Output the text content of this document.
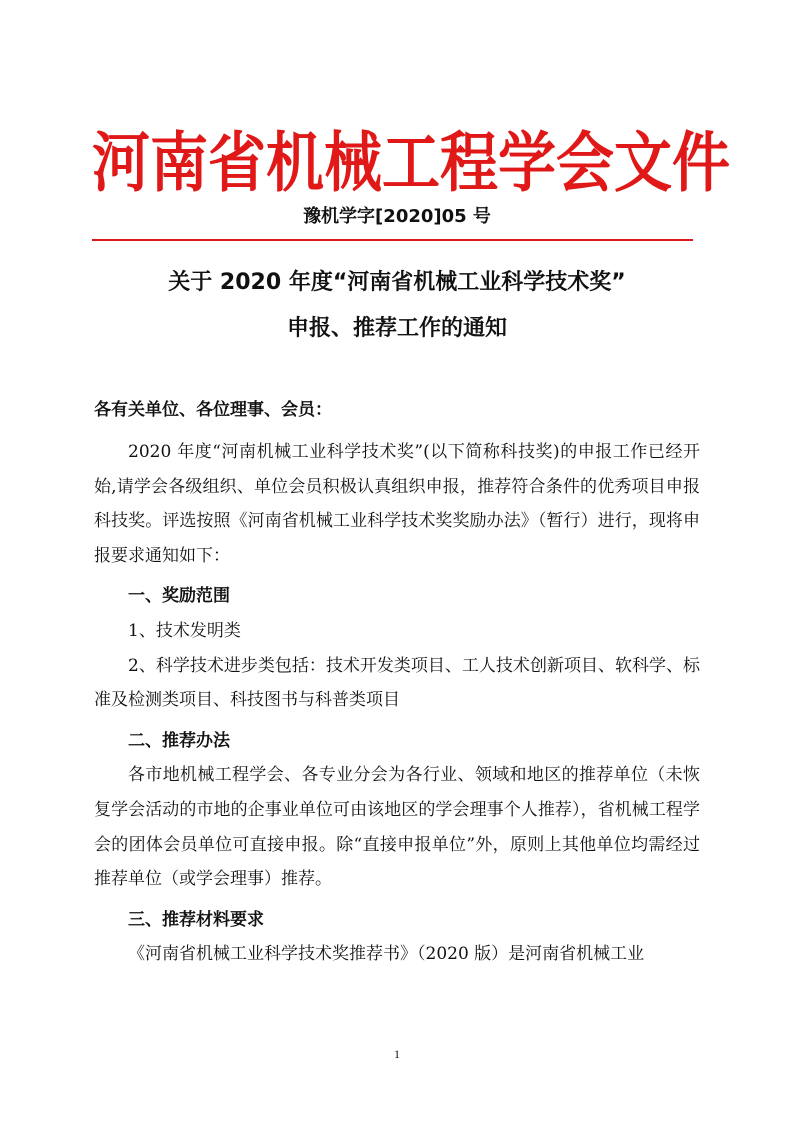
河南省机械工程学会文件
豫机学字[2020]05 号
关于 2020 年度“河南省机械工业科学技术奖”
申报、推荐工作的通知
各有关单位、各位理事、会员：

2020 年度“河南机械工业科学技术奖”(以下简称科技奖)的申报工作已经开始,请学会各级组织、单位会员积极认真组织申报，推荐符合条件的优秀项目申报科技奖。评选按照《河南省机械工业科学技术奖奖励办法》（暂行）进行，现将申报要求通知如下：

一、奖励范围

1、技术发明类

2、科学技术进步类包括：技术开发类项目、工人技术创新项目、软科学、标准及检测类项目、科技图书与科普类项目

二、推荐办法

各市地机械工程学会、各专业分会为各行业、领域和地区的推荐单位（未恢复学会活动的市地的企事业单位可由该地区的学会理事个人推荐），省机械工程学会的团体会员单位可直接申报。除“直接申报单位”外，原则上其他单位均需经过推荐单位（或学会理事）推荐。

三、推荐材料要求

《河南省机械工业科学技术奖推荐书》（2020 版）是河南省机械工业

1
